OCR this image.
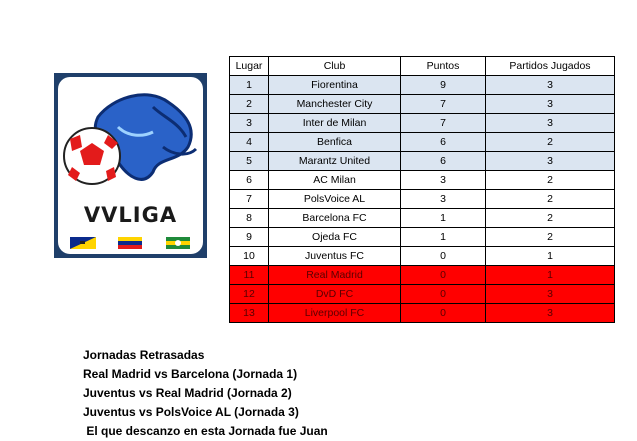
VVLIGA
Lugar	Club	Puntos	Partidos Jugados
1	Fiorentina	9	3
2	Manchester City	7	3
3	Inter de Milan	7	3
4	Benfica	6	2
5	Marantz United	6	3
6	AC Milan	3	2
7	PolsVoice AL	3	2
8	Barcelona FC	1	2
9	Ojeda FC	1	2
10	Juventus FC	0	1
11	Real Madrid	0	1
12	DvD FC	0	3
13	Liverpool FC	0	3
Jornadas Retrasadas
Real Madrid vs Barcelona (Jornada 1)
Juventus vs Real Madrid (Jornada 2)
Juventus vs PolsVoice AL (Jornada 3)
El que descanzo en esta Jornada fue Juan
